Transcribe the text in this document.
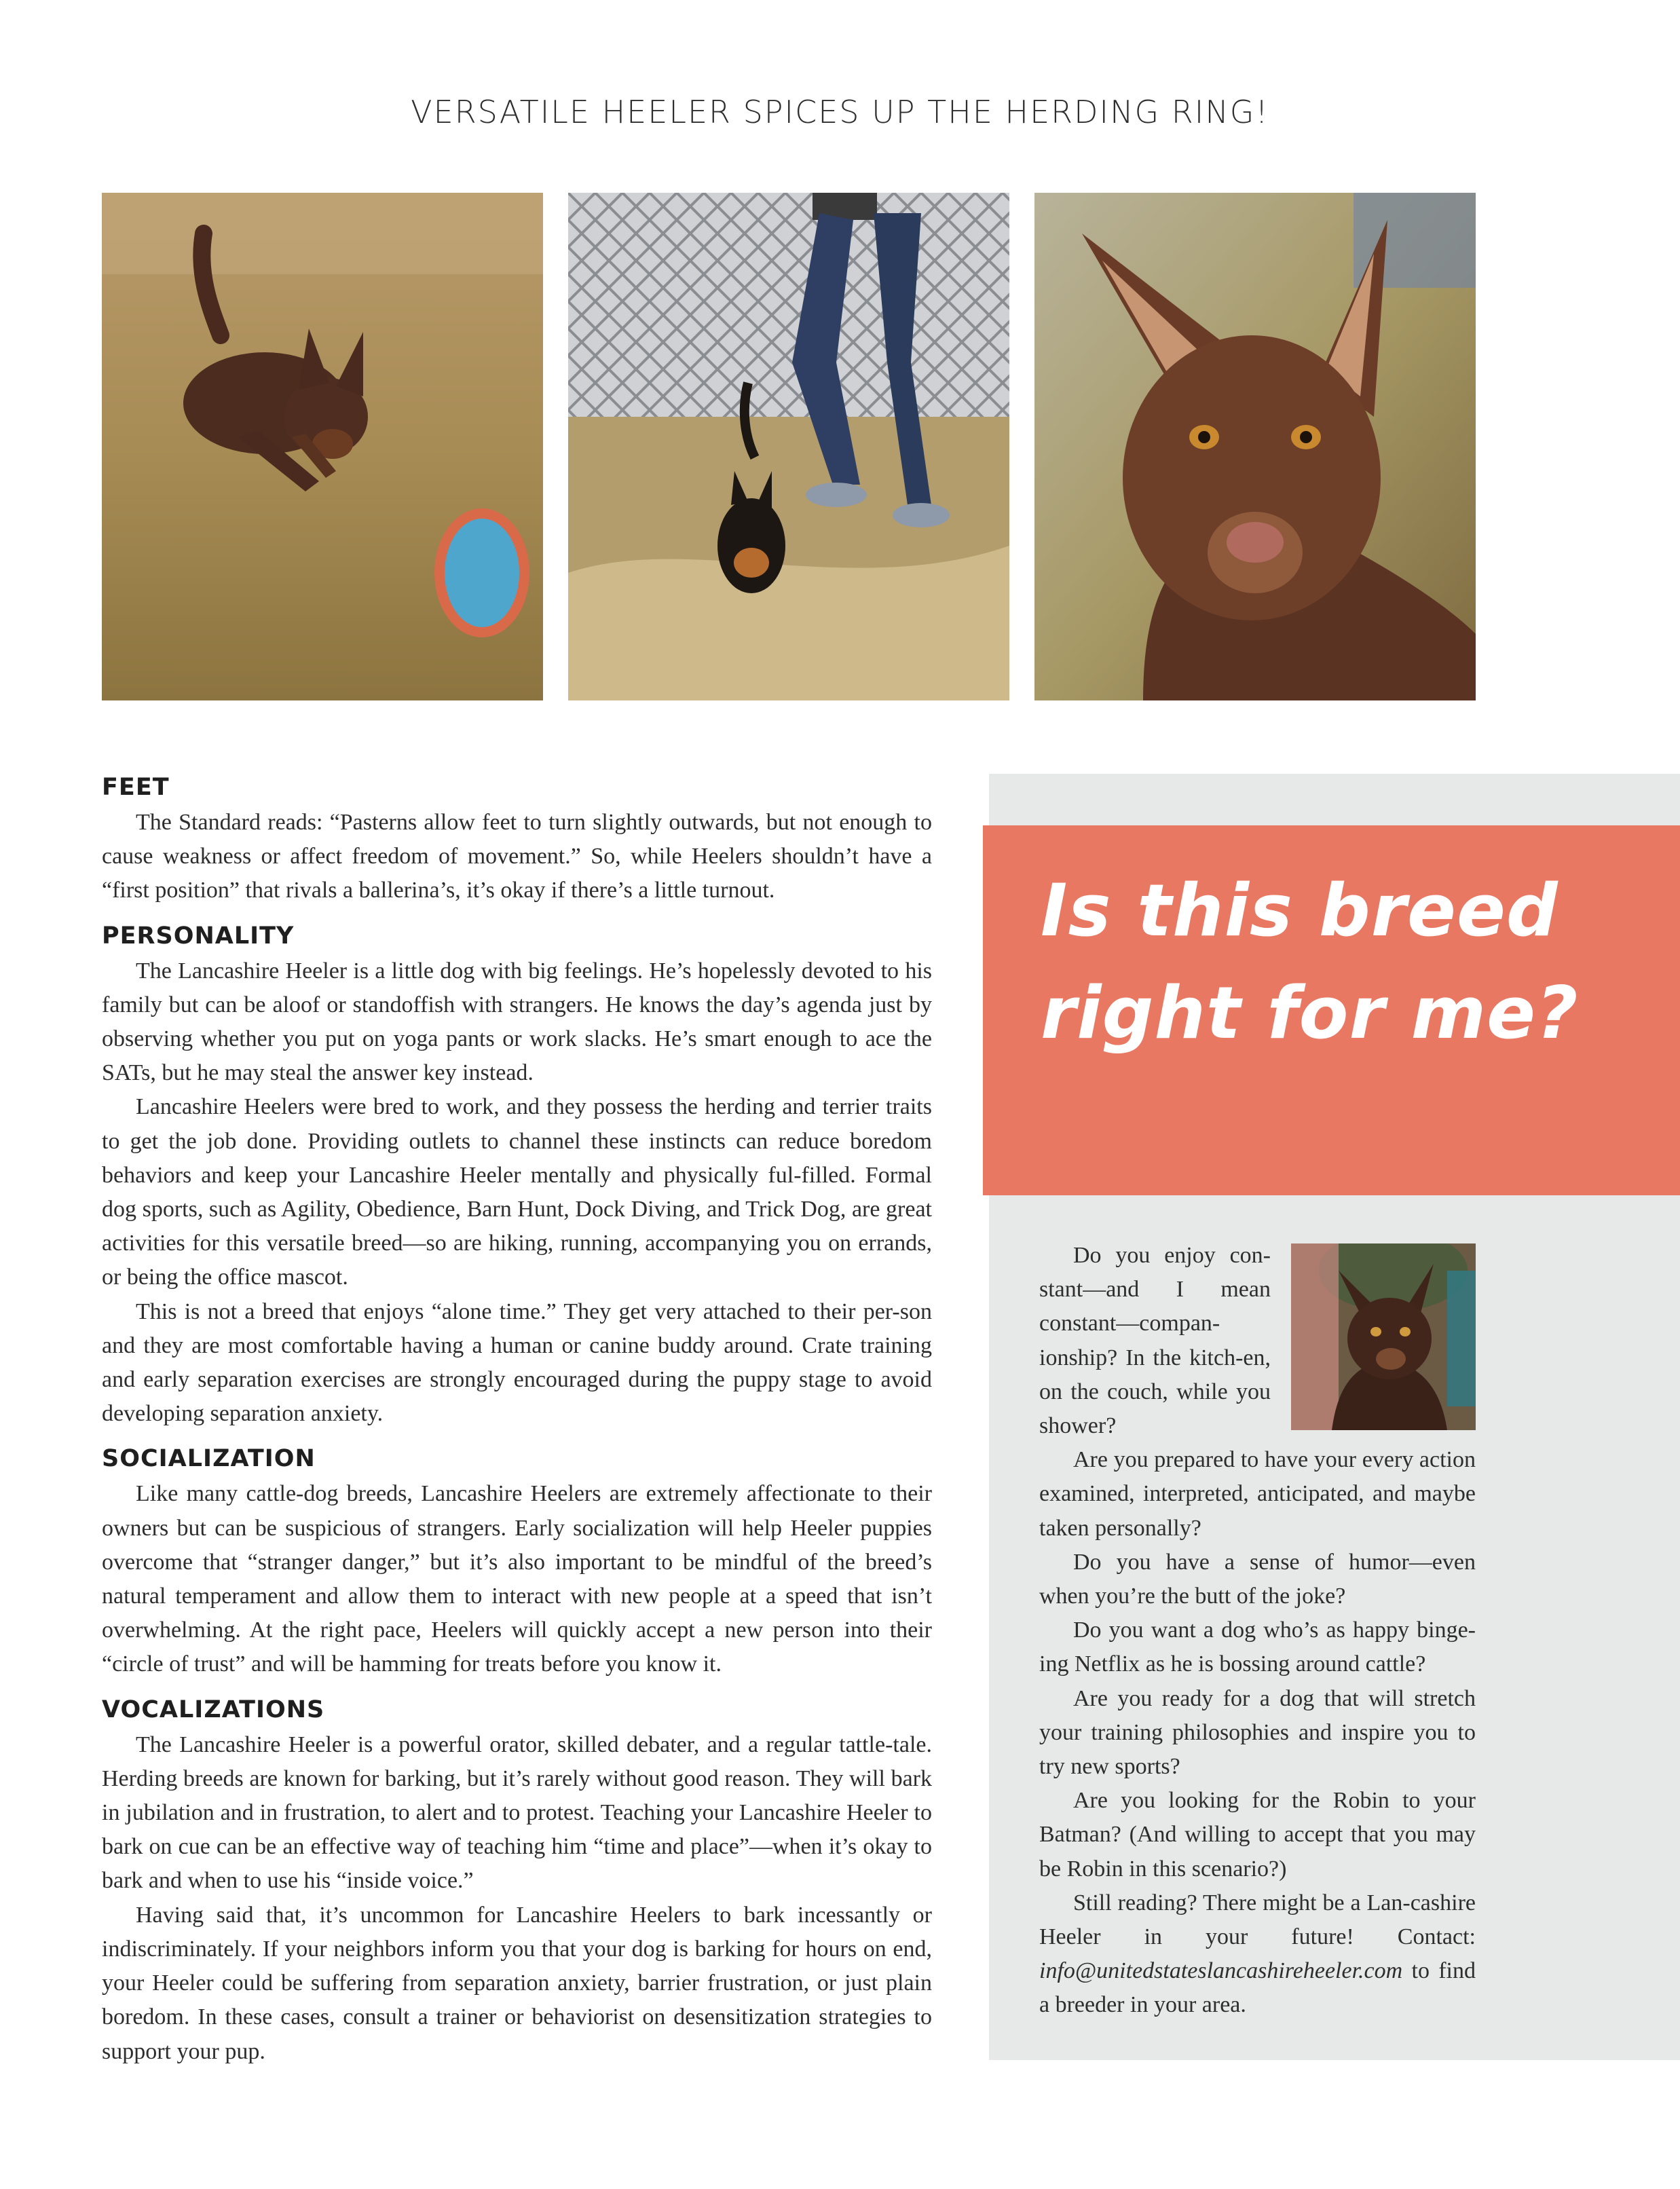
VERSATILE HEELER SPICES UP THE HERDING RING!
FEET

The Standard reads: “Pasterns allow feet to turn slightly outwards, but not enough to cause weakness or affect freedom of movement.” So, while Heelers shouldn’t have a “first position” that rivals a ballerina’s, it’s okay if there’s a little turnout.

PERSONALITY

The Lancashire Heeler is a little dog with big feelings. He’s hopelessly devoted to his family but can be aloof or standoffish with strangers. He knows the day’s agenda just by observing whether you put on yoga pants or work slacks. He’s smart enough to ace the SATs, but he may steal the answer key instead.

Lancashire Heelers were bred to work, and they possess the herding and terrier traits to get the job done. Providing outlets to channel these instincts can reduce boredom behaviors and keep your Lancashire Heeler mentally and physically ful-filled. Formal dog sports, such as Agility, Obedience, Barn Hunt, Dock Diving, and Trick Dog, are great activities for this versatile breed—so are hiking, running, accompanying you on errands, or being the office mascot.

This is not a breed that enjoys “alone time.” They get very attached to their per-son and they are most comfortable having a human or canine buddy around. Crate training and early separation exercises are strongly encouraged during the puppy stage to avoid developing separation anxiety.

SOCIALIZATION

Like many cattle-dog breeds, Lancashire Heelers are extremely affectionate to their owners but can be suspicious of strangers. Early socialization will help Heeler puppies overcome that “stranger danger,” but it’s also important to be mindful of the breed’s natural temperament and allow them to interact with new people at a speed that isn’t overwhelming. At the right pace, Heelers will quickly accept a new person into their “circle of trust” and will be hamming for treats before you know it.

VOCALIZATIONS

The Lancashire Heeler is a powerful orator, skilled debater, and a regular tattle-tale. Herding breeds are known for barking, but it’s rarely without good reason. They will bark in jubilation and in frustration, to alert and to protest. Teaching your Lancashire Heeler to bark on cue can be an effective way of teaching him “time and place”—when it’s okay to bark and when to use his “inside voice.”

Having said that, it’s uncommon for Lancashire Heelers to bark incessantly or indiscriminately. If your neighbors inform you that your dog is barking for hours on end, your Heeler could be suffering from separation anxiety, barrier frustration, or just plain boredom. In these cases, consult a trainer or behaviorist on desensitization strategies to support your pup.

Is this breed right for me?

Do you enjoy con-stant—and I mean constant—compan-ionship? In the kitch-en, on the couch, while you shower?

Are you prepared to have your every action examined, interpreted, anticipated, and maybe taken personally?

Do you have a sense of humor—even when you’re the butt of the joke?

Do you want a dog who’s as happy binge-ing Netflix as he is bossing around cattle?

Are you ready for a dog that will stretch your training philosophies and inspire you to try new sports?

Are you looking for the Robin to your Batman? (And willing to accept that you may be Robin in this scenario?)

Still reading? There might be a Lan-cashire Heeler in your future! Contact: info@unitedstateslancashireheeler.com to find a breeder in your area.
